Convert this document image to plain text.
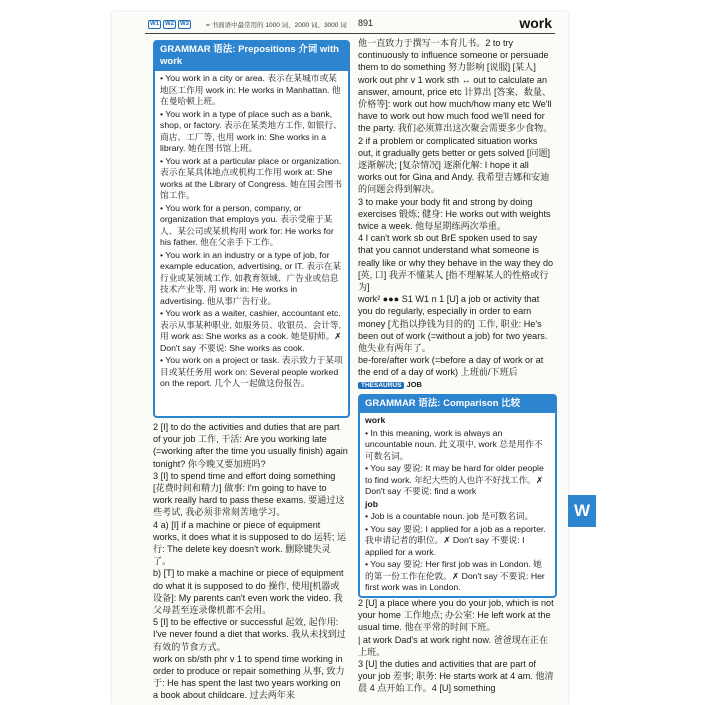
W1	W2	W3	= 书面语中最常用的 1000 词、2000 词、3000 词 891	work
GRAMMAR 语法: Prepositions 介词 with work

• You work in a city or area. 表示在某城市或某地区工作用 work in: He works in Manhattan. 他在曼哈顿上班。

• You work in a type of place such as a bank, shop, or factory. 表示在某类地方工作, 如银行、商店、工厂等, 也用 work in: She works in a library. 她在图书馆上班。

• You work at a particular place or organization. 表示在某具体地点或机构工作用 work at: She works at the Library of Congress. 她在国会图书馆工作。

• You work for a person, company, or organization that employs you. 表示受雇于某人、某公司或某机构用 work for: He works for his father. 他在父亲手下工作。

• You work in an industry or a type of job, for example education, advertising, or IT. 表示在某行业或某领域工作, 如教育领域、广告业或信息技术产业等, 用 work in: He works in advertising. 他从事广告行业。

• You work as a waiter, cashier, accountant etc. 表示从事某种职业, 如服务员、收银员、会计等, 用 work as: She works as a cook. 她是厨师。✗ Don't say 不要说: She works as cook.

• You work on a project or task. 表示致力于某项目或某任务用 work on: Several people worked on the report. 几个人一起做这份报告。

2 [I] to do the activities and duties that are part of your job 工作, 干活: Are you working late (=working after the time you usually finish) again tonight? 你今晚又要加班吗?

3 [I] to spend time and effort doing something [花费时间和精力] 做事: I'm going to have to work really hard to pass these exams. 要通过这些考试, 我必须非常刻苦地学习。

4 a) [I] if a machine or piece of equipment works, it does what it is supposed to do 运转; 运行: The delete key doesn't work. 删除键失灵了。

b) [T] to make a machine or piece of equipment do what it is supposed to do 操作, 使用[机器或设备]: My parents can't even work the video. 我父母甚至连录像机都不会用。

5 [I] to be effective or successful 起效, 起作用: I've never found a diet that works. 我从未找到过有效的节食方式。

work on sb/sth phr v 1 to spend time working in order to produce or repair something 从事, 致力于: He has spent the last two years working on a book about childcare. 过去两年来

他一直致力于撰写一本育儿书。2 to try continuously to influence someone or persuade them to do something 努力影响 [说服] [某人]

work out phr v 1 work sth ↔ out to calculate an answer, amount, price etc 计算出 [答案、数量、价格等]: work out how much/how many etc We'll have to work out how much food we'll need for the party. 我们必须算出这次聚会需要多少食物。

2 if a problem or complicated situation works out, it gradually gets better or gets solved [问题] 逐渐解决; [复杂情况] 逐渐化解: I hope it all works out for Gina and Andy. 我希望吉娜和安迪的问题会得到解决。

3 to make your body fit and strong by doing exercises 锻炼; 健身: He works out with weights twice a week. 他每星期练两次举重。

4 I can't work sb out BrE spoken used to say that you cannot understand what someone is really like or why they behave in the way they do [英, 口] 我弄不懂某人 [指不理解某人的性格或行为]

work² ●●● S1 W1 n 1 [U] a job or activity that you do regularly, especially in order to earn money [尤指以挣钱为目的的] 工作, 职业: He's been out of work (=without a job) for two years. 他失业有两年了。

be-fore/after work (=before a day of work or at the end of a day of work) 上班前/下班后

THESAURUS JOB
GRAMMAR 语法: Comparison 比较

work

• In this meaning, work is always an uncountable noun. 此义项中, work 总是用作不可数名词。

• You say 要说: It may be hard for older people to find work. 年纪大些的人也许不好找工作。✗ Don't say 不要说: find a work

job

• Job is a countable noun. job 是可数名词。

• You say 要说: I applied for a job as a reporter. 我申请记者的职位。✗ Don't say 不要说: I applied for a work.

• You say 要说: Her first job was in London. 她的第一份工作在伦敦。✗ Don't say 不要说: Her first work was in London.

2 [U] a place where you do your job, which is not your home 工作地点; 办公室: He left work at the usual time. 他在平常的时间下班。

| at work Dad's at work right now. 爸爸现在正在上班。

3 [U] the duties and activities that are part of your job 差事; 职务: He starts work at 4 am. 他清晨 4 点开始工作。4 [U] something

W
